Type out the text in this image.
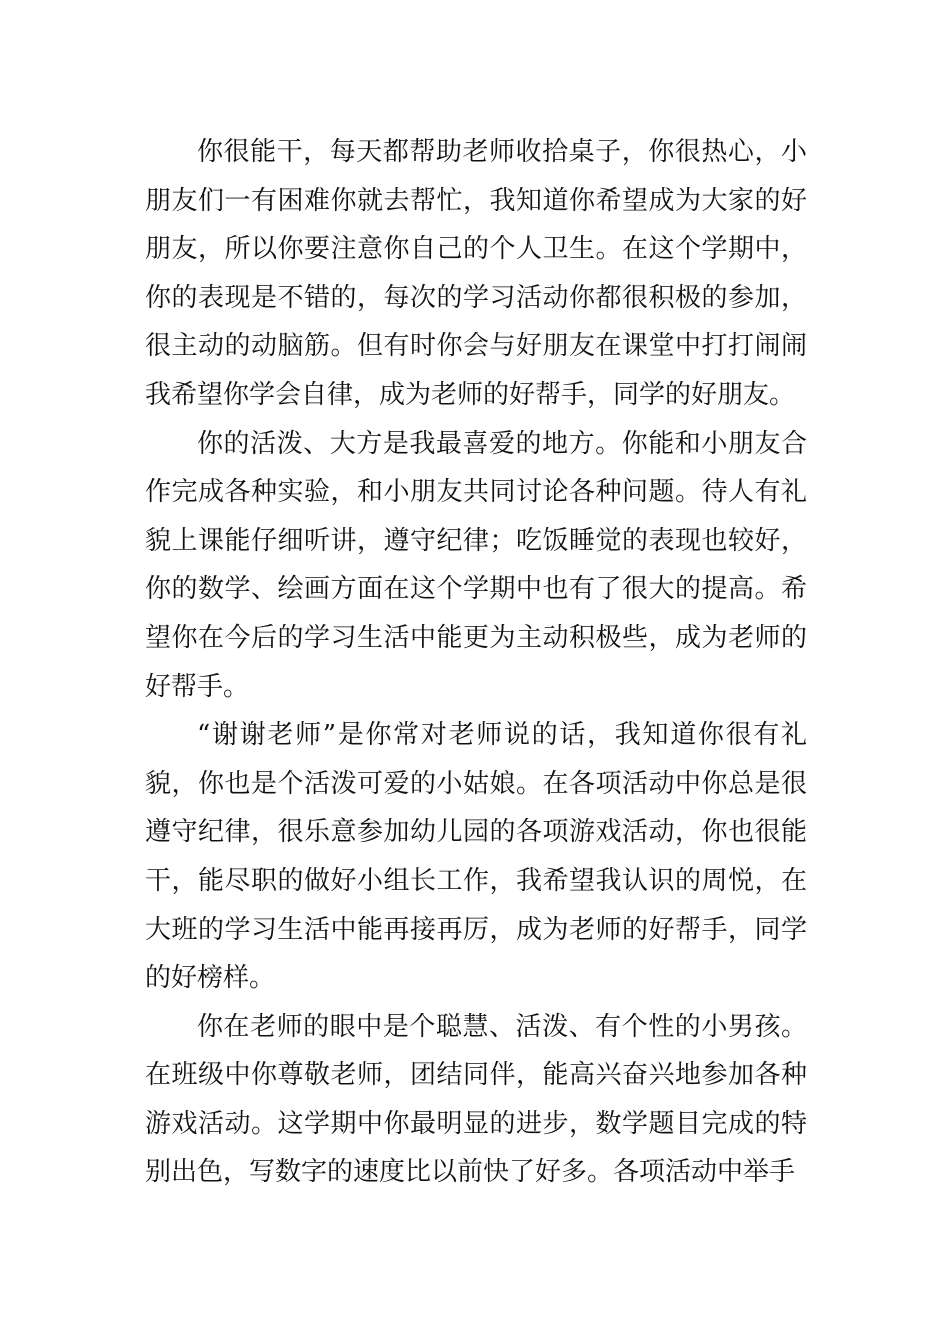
你很能干，每天都帮助老师收拾桌子，你很热心，小朋友们一有困难你就去帮忙，我知道你希望成为大家的好朋友，所以你要注意你自己的个人卫生。在这个学期中，你的表现是不错的，每次的学习活动你都很积极的参加，很主动的动脑筋。但有时你会与好朋友在课堂中打打闹闹我希望你学会自律，成为老师的好帮手，同学的好朋友。

你的活泼、大方是我最喜爱的地方。你能和小朋友合作完成各种实验，和小朋友共同讨论各种问题。待人有礼貌上课能仔细听讲，遵守纪律；吃饭睡觉的表现也较好，你的数学、绘画方面在这个学期中也有了很大的提高。希望你在今后的学习生活中能更为主动积极些，成为老师的好帮手。

“谢谢老师”是你常对老师说的话，我知道你很有礼貌，你也是个活泼可爱的小姑娘。在各项活动中你总是很遵守纪律，很乐意参加幼儿园的各项游戏活动，你也很能干，能尽职的做好小组长工作，我希望我认识的周悦，在大班的学习生活中能再接再厉，成为老师的好帮手，同学的好榜样。

你在老师的眼中是个聪慧、活泼、有个性的小男孩。在班级中你尊敬老师，团结同伴，能高兴奋兴地参加各种游戏活动。这学期中你最明显的进步，数学题目完成的特别出色，写数字的速度比以前快了好多。各项活动中举手
